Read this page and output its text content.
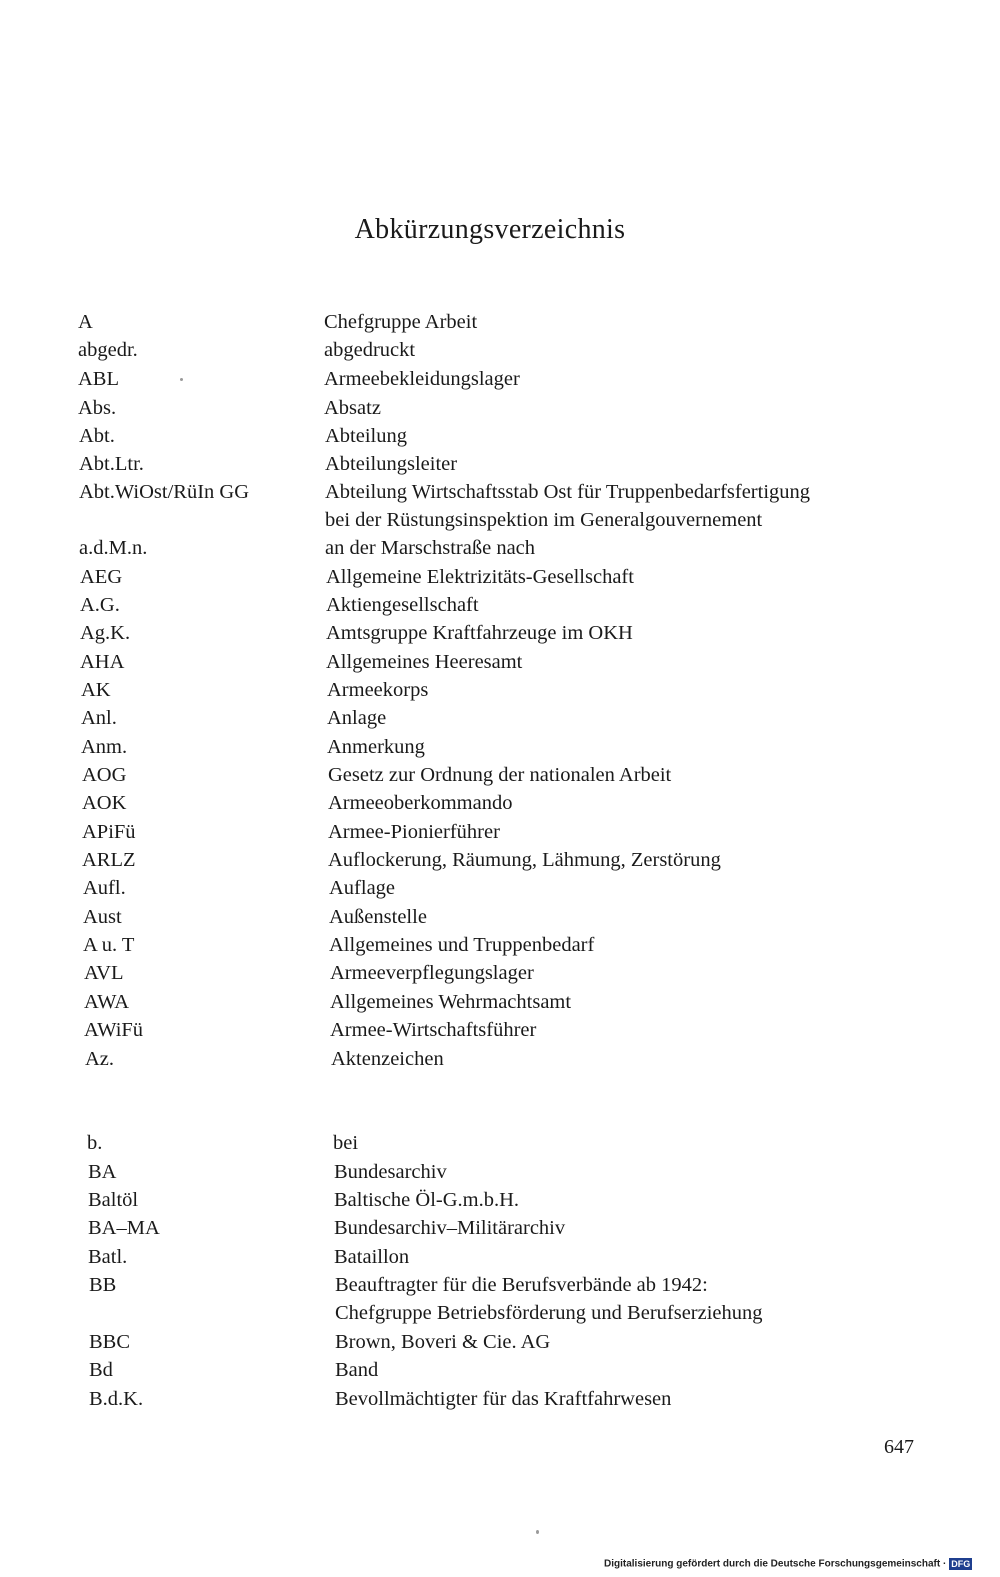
Abkürzungsverzeichnis
A	Chefgruppe Arbeit
abgedr.	abgedruckt
ABL	Armeebekleidungslager
Abs.	Absatz
Abt.	Abteilung
Abt.Ltr.	Abteilungsleiter
Abt.WiOst/RüIn GG	Abteilung Wirtschaftsstab Ost für Truppenbedarfsfertigung
bei der Rüstungsinspektion im Generalgouvernement
a.d.M.n.	an der Marschstraße nach
AEG	Allgemeine Elektrizitäts-Gesellschaft
A.G.	Aktiengesellschaft
Ag.K.	Amtsgruppe Kraftfahrzeuge im OKH
AHA	Allgemeines Heeresamt
AK	Armeekorps
Anl.	Anlage
Anm.	Anmerkung
AOG	Gesetz zur Ordnung der nationalen Arbeit
AOK	Armeeoberkommando
APiFü	Armee-Pionierführer
ARLZ	Auflockerung, Räumung, Lähmung, Zerstörung
Aufl.	Auflage
Aust	Außenstelle
A u. T	Allgemeines und Truppenbedarf
AVL	Armeeverpflegungslager
AWA	Allgemeines Wehrmachtsamt
AWiFü	Armee-Wirtschaftsführer
Az.	Aktenzeichen
b.	bei
BA	Bundesarchiv
Baltöl	Baltische Öl-G.m.b.H.
BA–MA	Bundesarchiv–Militärarchiv
Batl.	Bataillon
BB	Beauftragter für die Berufsverbände ab 1942:
Chefgruppe Betriebsförderung und Berufserziehung
BBC	Brown, Boveri & Cie. AG
Bd	Band
B.d.K.	Bevollmächtigter für das Kraftfahrwesen
647
Digitalisierung gefördert durch die Deutsche Forschungsgemeinschaft · DFG
